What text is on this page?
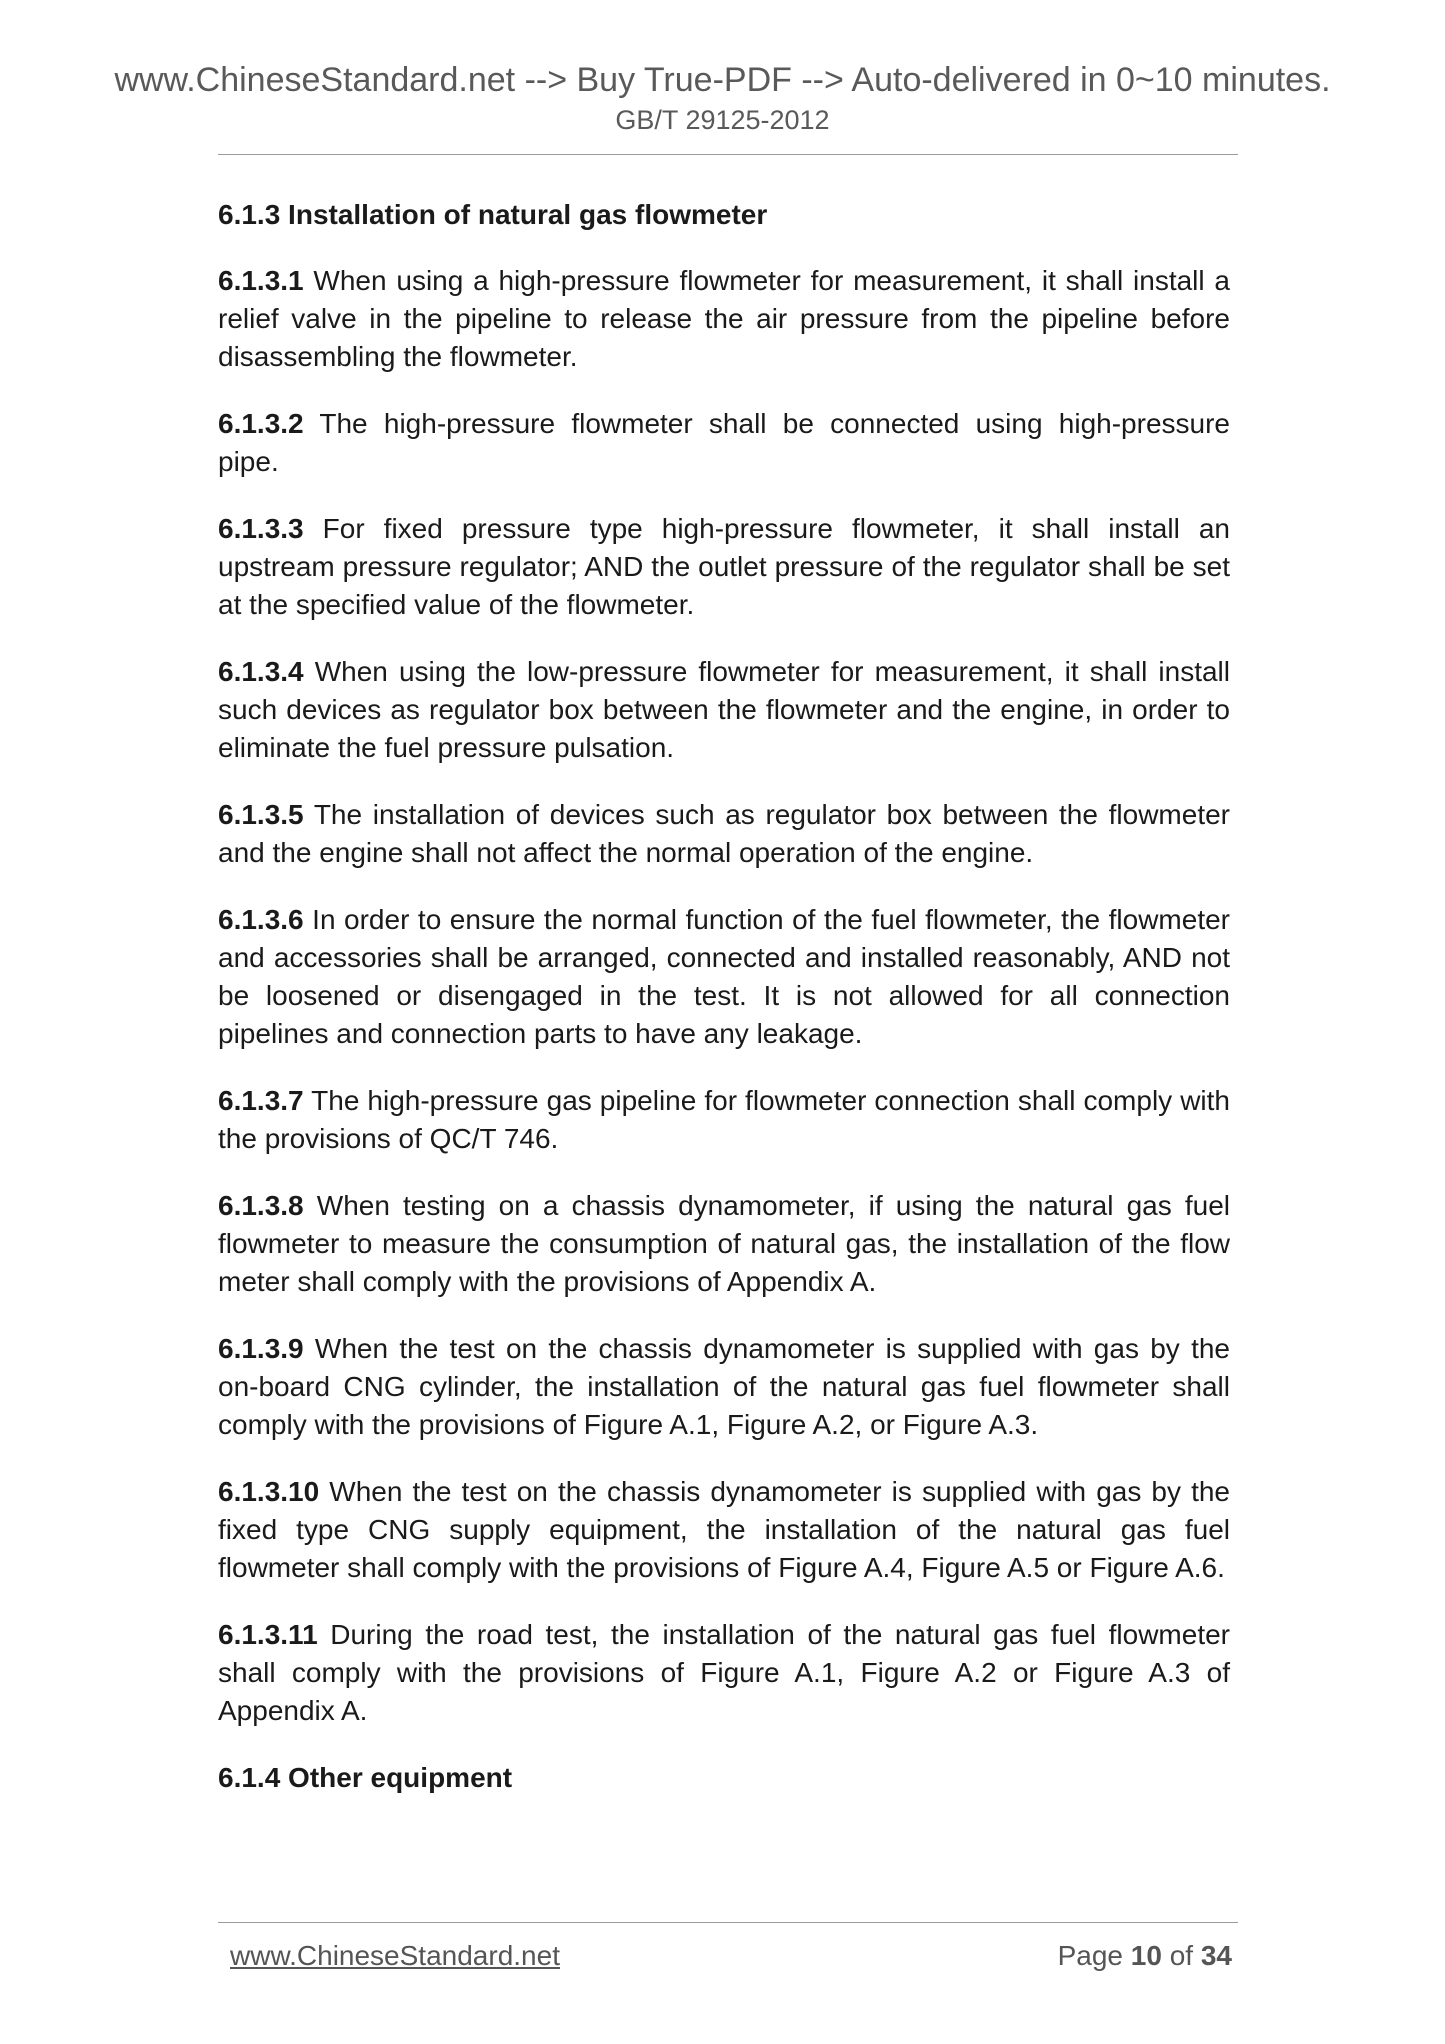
www.ChineseStandard.net --> Buy True-PDF --> Auto-delivered in 0~10 minutes.
GB/T 29125-2012
6.1.3 Installation of natural gas flowmeter

6.1.3.1 When using a high-pressure flowmeter for measurement, it shall install a relief valve in the pipeline to release the air pressure from the pipeline before disassembling the flowmeter.

6.1.3.2 The high-pressure flowmeter shall be connected using high-pressure pipe.

6.1.3.3 For fixed pressure type high-pressure flowmeter, it shall install an upstream pressure regulator; AND the outlet pressure of the regulator shall be set at the specified value of the flowmeter.

6.1.3.4 When using the low-pressure flowmeter for measurement, it shall install such devices as regulator box between the flowmeter and the engine, in order to eliminate the fuel pressure pulsation.

6.1.3.5 The installation of devices such as regulator box between the flowmeter and the engine shall not affect the normal operation of the engine.

6.1.3.6 In order to ensure the normal function of the fuel flowmeter, the flowmeter and accessories shall be arranged, connected and installed reasonably, AND not be loosened or disengaged in the test. It is not allowed for all connection pipelines and connection parts to have any leakage.

6.1.3.7 The high-pressure gas pipeline for flowmeter connection shall comply with the provisions of QC/T 746.

6.1.3.8 When testing on a chassis dynamometer, if using the natural gas fuel flowmeter to measure the consumption of natural gas, the installation of the flow meter shall comply with the provisions of Appendix A.

6.1.3.9 When the test on the chassis dynamometer is supplied with gas by the on-board CNG cylinder, the installation of the natural gas fuel flowmeter shall comply with the provisions of Figure A.1, Figure A.2, or Figure A.3.

6.1.3.10 When the test on the chassis dynamometer is supplied with gas by the fixed type CNG supply equipment, the installation of the natural gas fuel flowmeter shall comply with the provisions of Figure A.4, Figure A.5 or Figure A.6.

6.1.3.11 During the road test, the installation of the natural gas fuel flowmeter shall comply with the provisions of Figure A.1, Figure A.2 or Figure A.3 of Appendix A.

6.1.4 Other equipment
www.ChineseStandard.net	Page 10 of 34
